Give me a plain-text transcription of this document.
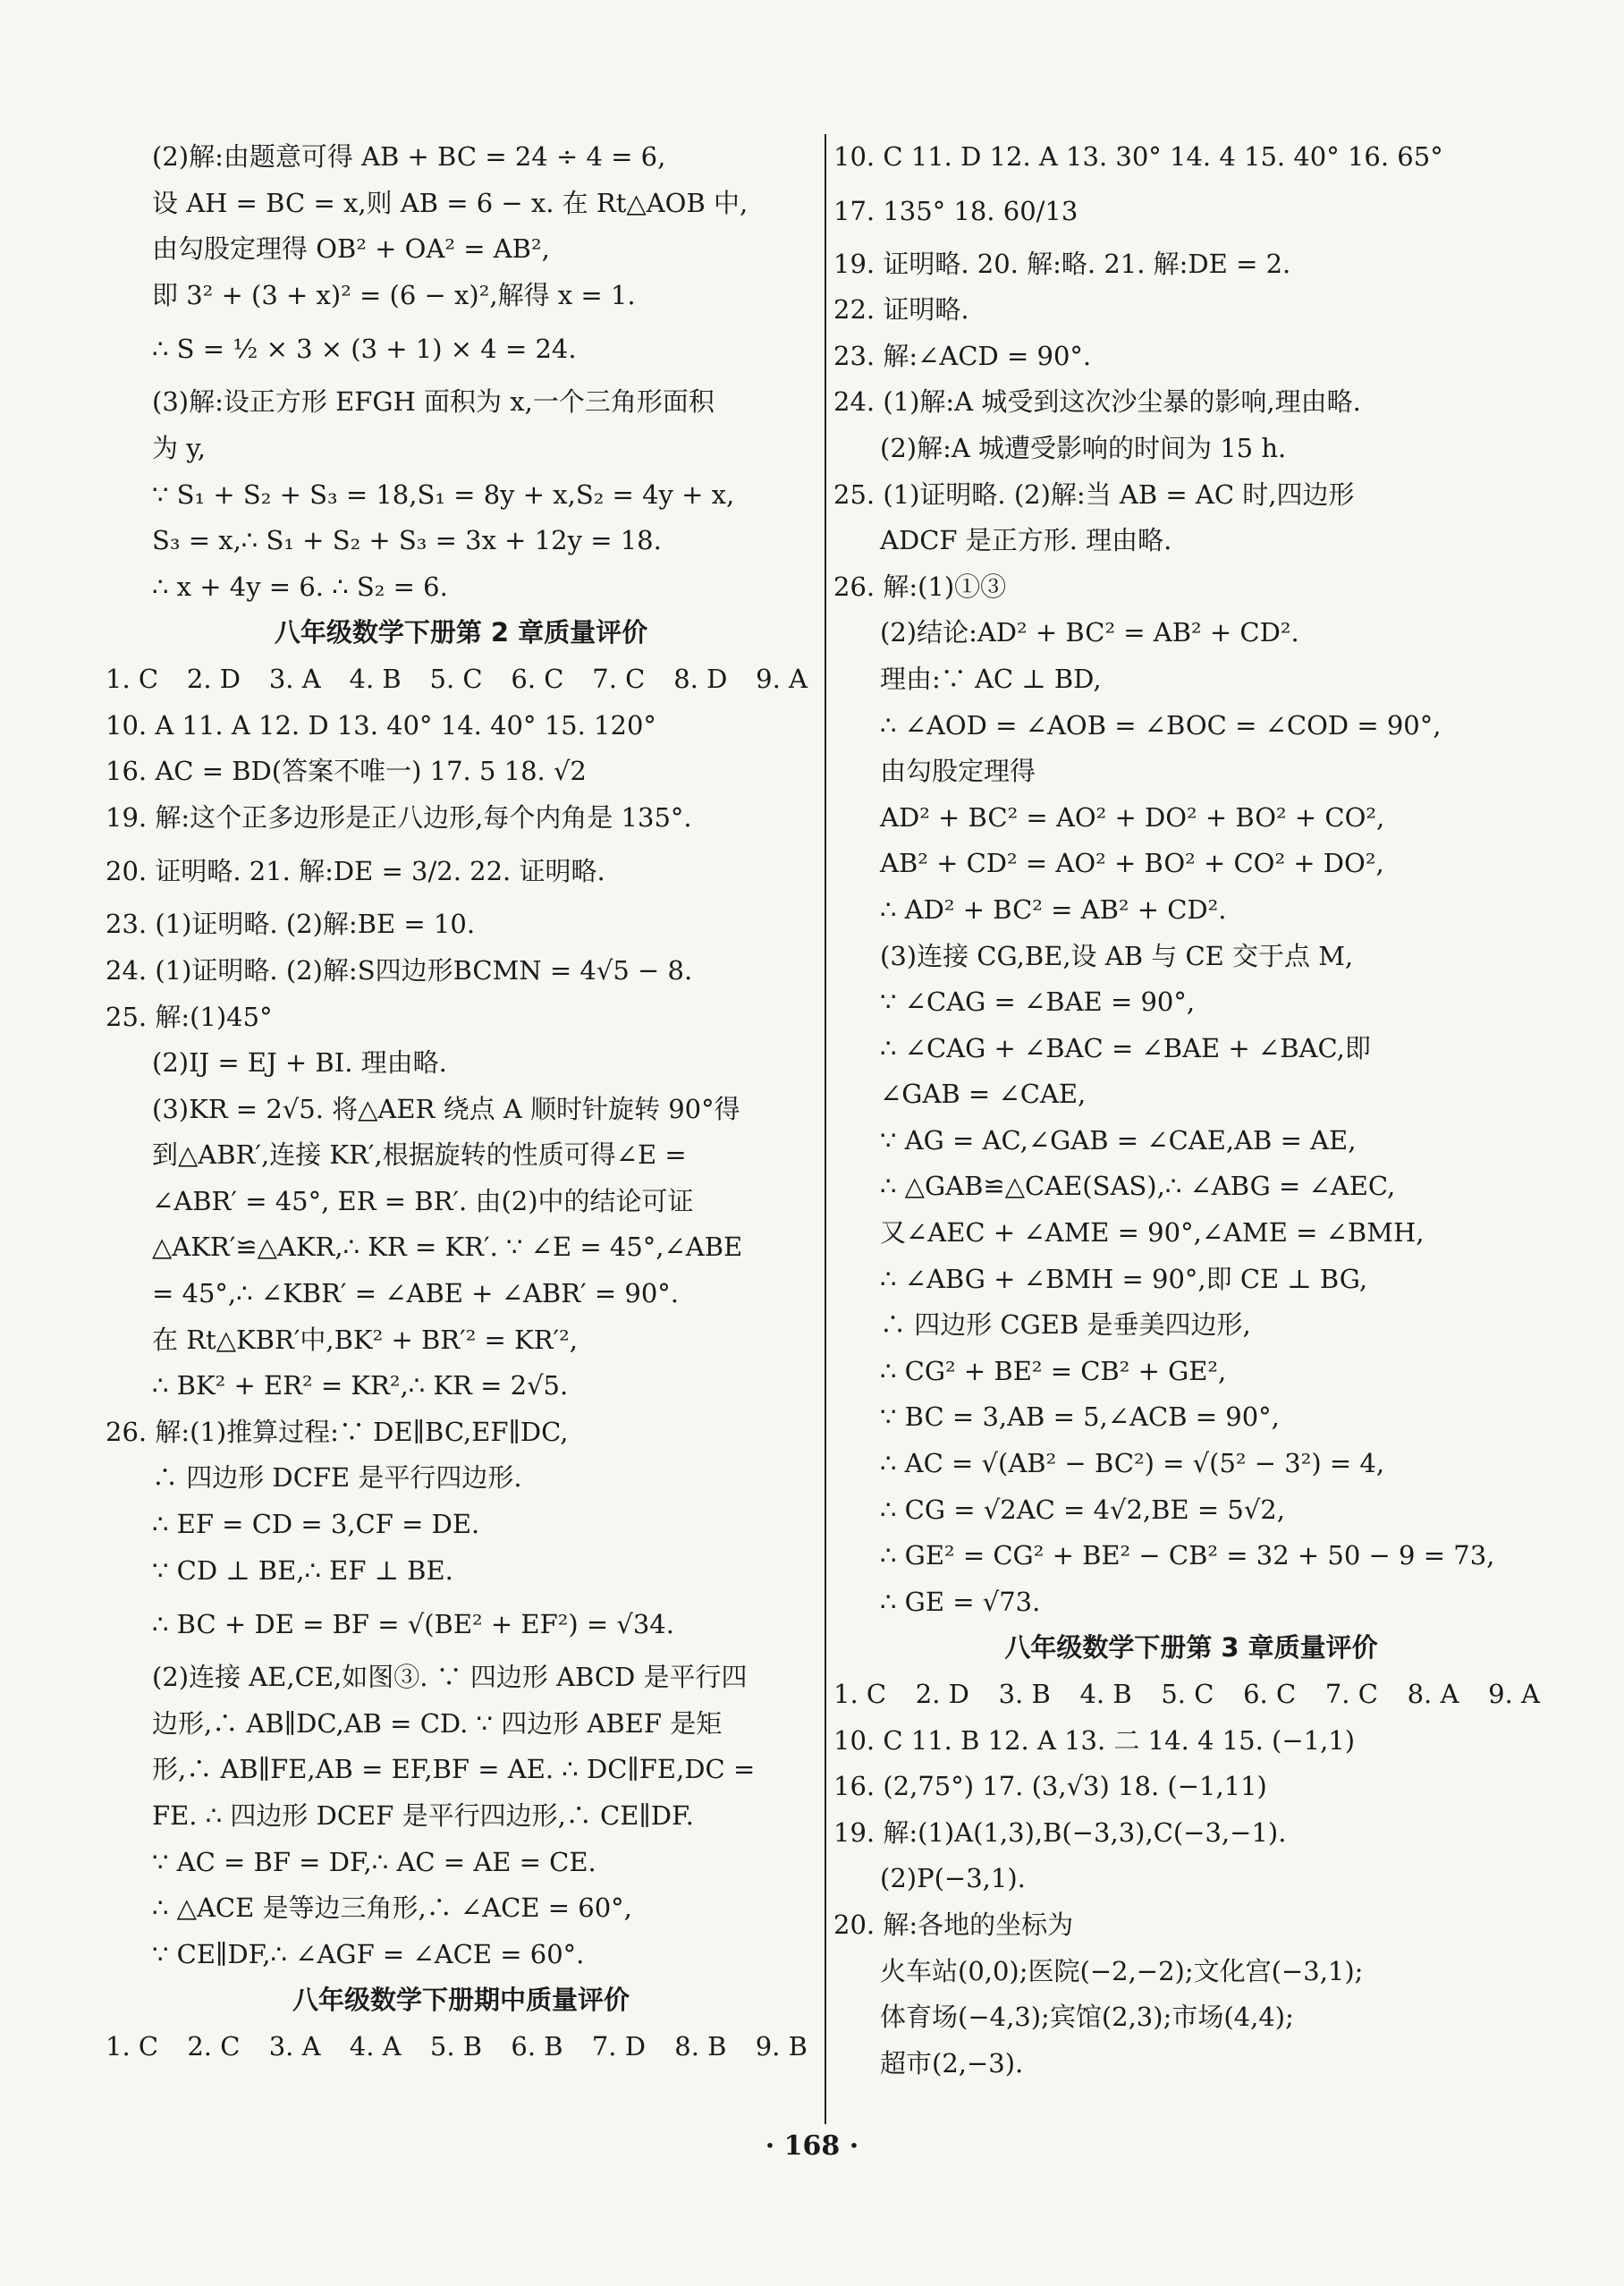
(2)解:由题意可得 AB + BC = 24 ÷ 4 = 6,
设 AH = BC = x,则 AB = 6 − x. 在 Rt△AOB 中,
由勾股定理得 OB² + OA² = AB²,
即 3² + (3 + x)² = (6 − x)²,解得 x = 1.
∴ S = ½ × 3 × (3 + 1) × 4 = 24.
(3)解:设正方形 EFGH 面积为 x,一个三角形面积
为 y,
∵ S₁ + S₂ + S₃ = 18,S₁ = 8y + x,S₂ = 4y + x,
S₃ = x,∴ S₁ + S₂ + S₃ = 3x + 12y = 18.
∴ x + 4y = 6. ∴ S₂ = 6.
八年级数学下册第 2 章质量评价
1. C 2. D 3. A 4. B 5. C 6. C 7. C 8. D 9. A
10. A 11. A 12. D 13. 40° 14. 40° 15. 120°
16. AC = BD(答案不唯一) 17. 5 18. √2
19. 解:这个正多边形是正八边形,每个内角是 135°.
20. 证明略. 21. 解:DE = 3/2. 22. 证明略.
23. (1)证明略. (2)解:BE = 10.
24. (1)证明略. (2)解:S四边形BCMN = 4√5 − 8.
25. 解:(1)45°
(2)IJ = EJ + BI. 理由略.
(3)KR = 2√5. 将△AER 绕点 A 顺时针旋转 90°得
到△ABR′,连接 KR′,根据旋转的性质可得∠E =
∠ABR′ = 45°, ER = BR′. 由(2)中的结论可证
△AKR′≌△AKR,∴ KR = KR′. ∵ ∠E = 45°,∠ABE
= 45°,∴ ∠KBR′ = ∠ABE + ∠ABR′ = 90°.
在 Rt△KBR′中,BK² + BR′² = KR′²,
∴ BK² + ER² = KR²,∴ KR = 2√5.
26. 解:(1)推算过程:∵ DE∥BC,EF∥DC,
∴ 四边形 DCFE 是平行四边形.
∴ EF = CD = 3,CF = DE.
∵ CD ⊥ BE,∴ EF ⊥ BE.
∴ BC + DE = BF = √(BE² + EF²) = √34.
(2)连接 AE,CE,如图③. ∵ 四边形 ABCD 是平行四
边形,∴ AB∥DC,AB = CD. ∵ 四边形 ABEF 是矩
形,∴ AB∥FE,AB = EF,BF = AE. ∴ DC∥FE,DC =
FE. ∴ 四边形 DCEF 是平行四边形,∴ CE∥DF.
∵ AC = BF = DF,∴ AC = AE = CE.
∴ △ACE 是等边三角形,∴ ∠ACE = 60°,
∵ CE∥DF,∴ ∠AGF = ∠ACE = 60°.
八年级数学下册期中质量评价
1. C 2. C 3. A 4. A 5. B 6. B 7. D 8. B 9. B
10. C 11. D 12. A 13. 30° 14. 4 15. 40° 16. 65°
17. 135° 18. 60/13
19. 证明略. 20. 解:略. 21. 解:DE = 2.
22. 证明略.
23. 解:∠ACD = 90°.
24. (1)解:A 城受到这次沙尘暴的影响,理由略.
(2)解:A 城遭受影响的时间为 15 h.
25. (1)证明略. (2)解:当 AB = AC 时,四边形
ADCF 是正方形. 理由略.
26. 解:(1)①③
(2)结论:AD² + BC² = AB² + CD².
理由:∵ AC ⊥ BD,
∴ ∠AOD = ∠AOB = ∠BOC = ∠COD = 90°,
由勾股定理得
AD² + BC² = AO² + DO² + BO² + CO²,
AB² + CD² = AO² + BO² + CO² + DO²,
∴ AD² + BC² = AB² + CD².
(3)连接 CG,BE,设 AB 与 CE 交于点 M,
∵ ∠CAG = ∠BAE = 90°,
∴ ∠CAG + ∠BAC = ∠BAE + ∠BAC,即
∠GAB = ∠CAE,
∵ AG = AC,∠GAB = ∠CAE,AB = AE,
∴ △GAB≌△CAE(SAS),∴ ∠ABG = ∠AEC,
又∠AEC + ∠AME = 90°,∠AME = ∠BMH,
∴ ∠ABG + ∠BMH = 90°,即 CE ⊥ BG,
∴ 四边形 CGEB 是垂美四边形,
∴ CG² + BE² = CB² + GE²,
∵ BC = 3,AB = 5,∠ACB = 90°,
∴ AC = √(AB² − BC²) = √(5² − 3²) = 4,
∴ CG = √2AC = 4√2,BE = 5√2,
∴ GE² = CG² + BE² − CB² = 32 + 50 − 9 = 73,
∴ GE = √73.
八年级数学下册第 3 章质量评价
1. C 2. D 3. B 4. B 5. C 6. C 7. C 8. A 9. A
10. C 11. B 12. A 13. 二 14. 4 15. (−1,1)
16. (2,75°) 17. (3,√3) 18. (−1,11)
19. 解:(1)A(1,3),B(−3,3),C(−3,−1).
(2)P(−3,1).
20. 解:各地的坐标为
火车站(0,0);医院(−2,−2);文化宫(−3,1);
体育场(−4,3);宾馆(2,3);市场(4,4);
超市(2,−3).
· 168 ·
